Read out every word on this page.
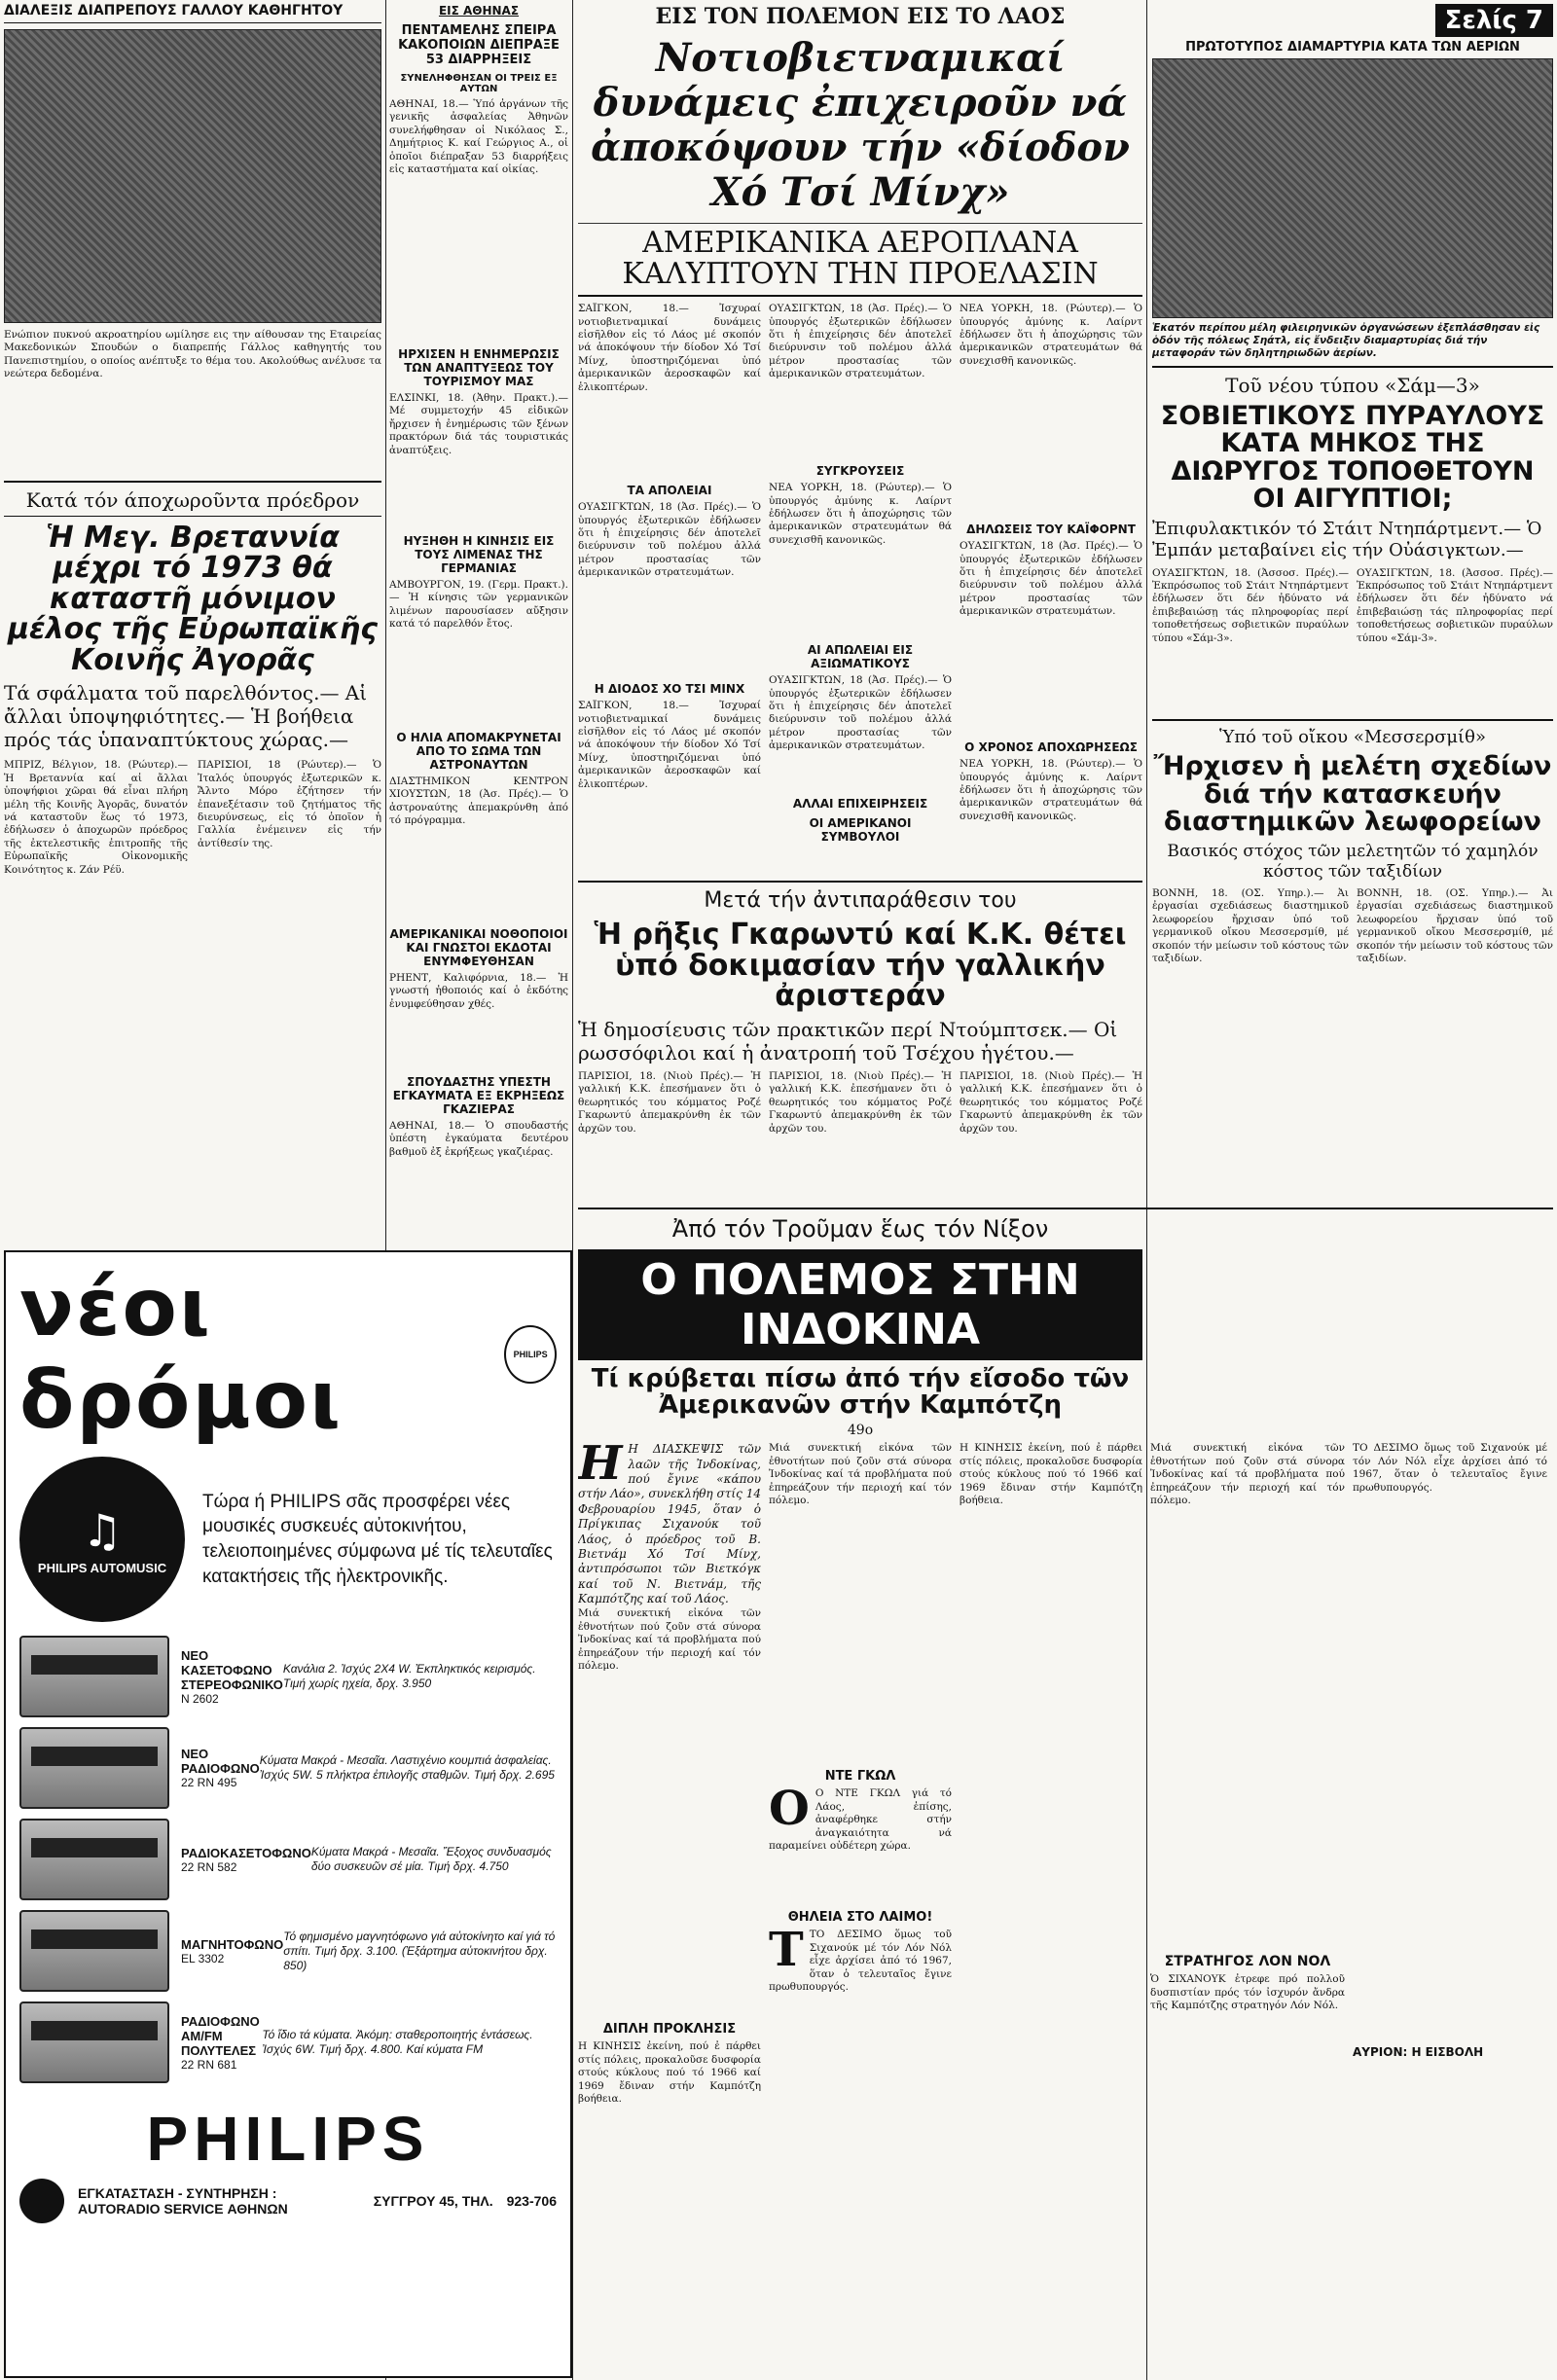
ΔΙΑΛΕΞΙΣ ΔΙΑΠΡΕΠΟΥΣ ΓΑΛΛΟΥ ΚΑΘΗΓΗΤΟΥ
Ενώπιον πυκνού ακροατηρίου ωμίλησε εις την αίθουσαν της Εταιρείας Μακεδονικών Σπουδών ο διαπρεπής Γάλλος καθηγητής του Πανεπιστημίου, ο οποίος ανέπτυξε το θέμα του. Ακολούθως ανέλυσε τα νεώτερα δεδομένα.
Κατά τόν άποχωροῦντα πρόεδρον
Ἡ Μεγ. Βρεταννία μέχρι τό 1973 θά καταστῆ μόνιμον μέλος τῆς Εὐρωπαϊκῆς Κοινῆς Ἀγορᾶς
Τά σφάλματα τοῦ παρελθόντος.— Αἱ ἄλλαι ὑποψηφιότητες.— Ἡ βοήθεια πρός τάς ὑπαναπτύκτους χώρας.—
ΜΠΡΙΖ, Βέλγιον, 18. (Ρώυτερ).— Ἡ Βρεταννία καί αἱ ἄλλαι ὑποψήφιοι χῶραι θά εἶναι πλήρη μέλη τῆς Κοινῆς Ἀγορᾶς, δυνατόν νά καταστοῦν ἕως τό 1973, ἐδήλωσεν ὁ ἀποχωρῶν πρόεδρος τῆς ἐκτελεστικῆς ἐπιτροπῆς τῆς Εὐρωπαϊκῆς Οἰκονομικῆς Κοινότητος κ. Ζάν Ρέϋ.
ΠΑΡΙΣΙΟΙ, 18 (Ρώυτερ).— Ὁ Ἰταλός ὑπουργός ἐξωτερικῶν κ. Ἄλντο Μόρο ἐζήτησεν τήν ἐπανεξέτασιν τοῦ ζητήματος τῆς διευρύνσεως, εἰς τό ὁποῖον ἡ Γαλλία ἐνέμεινεν εἰς τήν ἀντίθεσίν της.
νέοι δρόμοι	PHILIPS
♫
PHILIPS AUTOMUSIC
Τώρα ή PHILIPS σᾶς προσφέρει νέες μουσικές συσκευές αὐτοκινήτου, τελειοποιημένες σύμφωνα μέ τίς τελευταῖες κατακτήσεις τῆς ἠλεκτρονικῆς.
ΝΕΟ ΚΑΣΕΤΟΦΩΝΟ ΣΤΕΡΕΟΦΩΝΙΚΟ
N 2602
Κανάλια 2. Ἰσχύς 2Χ4 W. Ἐκπληκτικός κειρισμός. Τιμή χωρίς ηχεία, δρχ. 3.950
ΝΕΟ ΡΑΔΙΟΦΩΝΟ
22 RN 495
Κύματα Μακρά - Μεσαῖα. Λαστιχένιο κουμπιά ἀσφαλείας. Ἰσχύς 5W. 5 πλήκτρα ἐπιλογῆς σταθμῶν. Τιμή δρχ. 2.695
ΡΑΔΙΟΚΑΣΕΤΟΦΩΝΟ
22 RN 582
Κύματα Μακρά - Μεσαῖα. Ἔξοχος συνδυασμός δύο συσκευῶν σέ μία. Τιμή δρχ. 4.750
ΜΑΓΝΗΤΟΦΩΝΟ
EL 3302
Τό φημισμένο μαγνητόφωνο γιά αὐτοκίνητο καί γιά τό σπίτι. Τιμή δρχ. 3.100. (Ἐξάρτημα αὐτοκινήτου δρχ. 850)
ΡΑΔΙΟΦΩΝΟ AM/FM ΠΟΛΥΤΕΛΕΣ
22 RN 681
Τό ἴδιο τά κύματα. Ἀκόμη: σταθεροποιητής ἐντάσεως. Ἰσχύς 6W. Τιμή δρχ. 4.800. Καί κύματα FM
PHILIPS
ΕΓΚΑΤΑΣΤΑΣΗ - ΣΥΝΤΗΡΗΣΗ :
AUTORADIO SERVICE ΑΘΗΝΩΝ	ΣΥΓΓΡΟΥ 45, ΤΗΛ. 923-706
ΕΙΣ ΑΘΗΝΑΣ
ΠΕΝΤΑΜΕΛΗΣ ΣΠΕΙΡΑ ΚΑΚΟΠΟΙΩΝ ΔΙΕΠΡΑΞΕ 53 ΔΙΑΡΡΗΞΕΙΣ
ΣΥΝΕΛΗΦΘΗΣΑΝ ΟΙ ΤΡΕΙΣ ΕΞ ΑΥΤΩΝ
ΑΘΗΝΑΙ, 18.— Ὑπό ἀργάνων τῆς γενικῆς ἀσφαλείας Ἀθηνῶν συνελήφθησαν οἱ Νικόλαος Σ., Δημήτριος Κ. καί Γεώργιος Α., οἱ ὁποῖοι διέπραξαν 53 διαρρήξεις εἰς καταστήματα καί οἰκίας.
ΗΡΧΙΣΕΝ Η ΕΝΗΜΕΡΩΣΙΣ ΤΩΝ ΑΝΑΠΤΥΞΕΩΣ ΤΟΥ ΤΟΥΡΙΣΜΟΥ ΜΑΣ
ΕΛΣΙΝΚΙ, 18. (Ἀθην. Πρακτ.).— Μέ συμμετοχήν 45 εἰδικῶν ἤρχισεν ἡ ἐνημέρωσις τῶν ξένων πρακτόρων διά τάς τουριστικάς ἀναπτύξεις.
ΗΥΞΗΘΗ Η ΚΙΝΗΣΙΣ ΕΙΣ ΤΟΥΣ ΛΙΜΕΝΑΣ ΤΗΣ ΓΕΡΜΑΝΙΑΣ
ΑΜΒΟΥΡΓΟΝ, 19. (Γερμ. Πρακτ.).— Ἡ κίνησις τῶν γερμανικῶν λιμένων παρουσίασεν αὔξησιν κατά τό παρελθόν ἔτος.
Ο ΗΛΙΑ ΑΠΟΜΑΚΡΥΝΕΤΑΙ ΑΠΟ ΤΟ ΣΩΜΑ ΤΩΝ ΑΣΤΡΟΝΑΥΤΩΝ
ΔΙΑΣΤΗΜΙΚΟΝ ΚΕΝΤΡΟΝ ΧΙΟΥΣΤΩΝ, 18 (Ἀσ. Πρές).— Ὁ ἀστροναύτης ἀπεμακρύνθη ἀπό τό πρόγραμμα.
ΑΜΕΡΙΚΑΝΙΚΑΙ ΝΟΘΟΠΟΙΟΙ ΚΑΙ ΓΝΩΣΤΟΙ ΕΚΔΟΤΑΙ ΕΝΥΜΦΕΥΘΗΣΑΝ
ΡΗΕΝΤ, Καλιφόρνια, 18.— Ἡ γνωστή ἠθοποιός καί ὁ ἐκδότης ἐνυμφεύθησαν χθές.
ΣΠΟΥΔΑΣΤΗΣ ΥΠΕΣΤΗ ΕΓΚΑΥΜΑΤΑ ΕΞ ΕΚΡΗΞΕΩΣ ΓΚΑΖΙΕΡΑΣ
ΑΘΗΝΑΙ, 18.— Ὁ σπουδαστής ὑπέστη ἐγκαύματα δευτέρου βαθμοῦ ἐξ ἐκρήξεως γκαζιέρας.
ΕΙΣ ΤΟΝ ΠΟΛΕΜΟΝ ΕΙΣ ΤΟ ΛΑΟΣ
Νοτιοβιετναμικαί δυνάμεις ἐπιχειροῦν νά ἀποκόψουν τήν «δίοδον Χό Τσί Μίνχ»
ΑΜΕΡΙΚΑΝΙΚΑ ΑΕΡΟΠΛΑΝΑ ΚΑΛΥΠΤΟΥΝ ΤΗΝ ΠΡΟΕΛΑΣΙΝ
ΣΑΪΓΚΟΝ, 18.— Ἰσχυραί νοτιοβιετναμικαί δυνάμεις εἰσῆλθον εἰς τό Λάος μέ σκοπόν νά ἀποκόψουν τήν δίοδον Χό Τσί Μίνχ, ὑποστηριζόμεναι ὑπό ἀμερικανικῶν ἀεροσκαφῶν καί ἑλικοπτέρων.
ΤΑ ΑΠΟΛΕΙΑΙ
ΟΥΑΣΙΓΚΤΩΝ, 18 (Ἀσ. Πρές).— Ὁ ὑπουργός ἐξωτερικῶν ἐδήλωσεν ὅτι ἡ ἐπιχείρησις δέν ἀποτελεῖ διεύρυνσιν τοῦ πολέμου ἀλλά μέτρον προστασίας τῶν ἀμερικανικῶν στρατευμάτων.
Η ΔΙΟΔΟΣ ΧΟ ΤΣΙ ΜΙΝΧ
ΣΑΪΓΚΟΝ, 18.— Ἰσχυραί νοτιοβιετναμικαί δυνάμεις εἰσῆλθον εἰς τό Λάος μέ σκοπόν νά ἀποκόψουν τήν δίοδον Χό Τσί Μίνχ, ὑποστηριζόμεναι ὑπό ἀμερικανικῶν ἀεροσκαφῶν καί ἑλικοπτέρων.
ΟΥΑΣΙΓΚΤΩΝ, 18 (Ἀσ. Πρές).— Ὁ ὑπουργός ἐξωτερικῶν ἐδήλωσεν ὅτι ἡ ἐπιχείρησις δέν ἀποτελεῖ διεύρυνσιν τοῦ πολέμου ἀλλά μέτρον προστασίας τῶν ἀμερικανικῶν στρατευμάτων.
ΣΥΓΚΡΟΥΣΕΙΣ
ΝΕΑ ΥΟΡΚΗ, 18. (Ρώυτερ).— Ὁ ὑπουργός ἀμύνης κ. Λαίρντ ἐδήλωσεν ὅτι ἡ ἀποχώρησις τῶν ἀμερικανικῶν στρατευμάτων θά συνεχισθῆ κανονικῶς.
ΑΙ ΑΠΩΛΕΙΑΙ ΕΙΣ ΑΞΙΩΜΑΤΙΚΟΥΣ
ΟΥΑΣΙΓΚΤΩΝ, 18 (Ἀσ. Πρές).— Ὁ ὑπουργός ἐξωτερικῶν ἐδήλωσεν ὅτι ἡ ἐπιχείρησις δέν ἀποτελεῖ διεύρυνσιν τοῦ πολέμου ἀλλά μέτρον προστασίας τῶν ἀμερικανικῶν στρατευμάτων.
ΑΛΛΑΙ ΕΠΙΧΕΙΡΗΣΕΙΣ
ΟΙ ΑΜΕΡΙΚΑΝΟΙ ΣΥΜΒΟΥΛΟΙ
ΝΕΑ ΥΟΡΚΗ, 18. (Ρώυτερ).— Ὁ ὑπουργός ἀμύνης κ. Λαίρντ ἐδήλωσεν ὅτι ἡ ἀποχώρησις τῶν ἀμερικανικῶν στρατευμάτων θά συνεχισθῆ κανονικῶς.
ΔΗΛΩΣΕΙΣ ΤΟΥ ΚΑΪΦΟΡΝΤ
ΟΥΑΣΙΓΚΤΩΝ, 18 (Ἀσ. Πρές).— Ὁ ὑπουργός ἐξωτερικῶν ἐδήλωσεν ὅτι ἡ ἐπιχείρησις δέν ἀποτελεῖ διεύρυνσιν τοῦ πολέμου ἀλλά μέτρον προστασίας τῶν ἀμερικανικῶν στρατευμάτων.
Ο ΧΡΟΝΟΣ ΑΠΟΧΩΡΗΣΕΩΣ
ΝΕΑ ΥΟΡΚΗ, 18. (Ρώυτερ).— Ὁ ὑπουργός ἀμύνης κ. Λαίρντ ἐδήλωσεν ὅτι ἡ ἀποχώρησις τῶν ἀμερικανικῶν στρατευμάτων θά συνεχισθῆ κανονικῶς.
Μετά τήν ἀντιπαράθεσιν του
Ἡ ρῆξις Γκαρωντύ καί Κ.Κ. θέτει ὑπό δοκιμασίαν τήν γαλλικήν ἀριστεράν
Ἡ δημοσίευσις τῶν πρακτικῶν περί Ντούμπτσεκ.— Οἱ ρωσσόφιλοι καί ἡ ἀνατροπή τοῦ Τσέχου ἡγέτου.—
ΠΑΡΙΣΙΟΙ, 18. (Νιοὺ Πρές).— Ἡ γαλλική Κ.Κ. ἐπεσήμανεν ὅτι ὁ θεωρητικός του κόμματος Ροζέ Γκαρωντύ ἀπεμακρύνθη ἐκ τῶν ἀρχῶν του.
ΠΑΡΙΣΙΟΙ, 18. (Νιοὺ Πρές).— Ἡ γαλλική Κ.Κ. ἐπεσήμανεν ὅτι ὁ θεωρητικός του κόμματος Ροζέ Γκαρωντύ ἀπεμακρύνθη ἐκ τῶν ἀρχῶν του.
ΠΑΡΙΣΙΟΙ, 18. (Νιοὺ Πρές).— Ἡ γαλλική Κ.Κ. ἐπεσήμανεν ὅτι ὁ θεωρητικός του κόμματος Ροζέ Γκαρωντύ ἀπεμακρύνθη ἐκ τῶν ἀρχῶν του.
Σελίς 7
ΠΡΩΤΟΤΥΠΟΣ ΔΙΑΜΑΡΤΥΡΙΑ ΚΑΤΑ ΤΩΝ ΑΕΡΙΩΝ
Ἑκατόν περίπου μέλη φιλειρηνικῶν ὀργανώσεων ἐξεπλάσθησαν εἰς ὁδόν τῆς πόλεως Σηάτλ, εἰς ἔνδειξιν διαμαρτυρίας διά τήν μεταφοράν τῶν δηλητηριωδῶν ἀερίων.
Τοῦ νέου τύπου «Σάμ—3»
ΣΟΒΙΕΤΙΚΟΥΣ ΠΥΡΑΥΛΟΥΣ ΚΑΤΑ ΜΗΚΟΣ ΤΗΣ ΔΙΩΡΥΓΟΣ ΤΟΠΟΘΕΤΟΥΝ ΟΙ ΑΙΓΥΠΤΙΟΙ;
Ἐπιφυλακτικόν τό Στάιτ Ντηπάρτμεντ.— Ὁ Ἐμπάν μεταβαίνει εἰς τήν Οὐάσιγκτων.—
ΟΥΑΣΙΓΚΤΩΝ, 18. (Ἀσσοσ. Πρές).— Ἐκπρόσωπος τοῦ Στάιτ Ντηπάρτμεντ ἐδήλωσεν ὅτι δέν ἠδύνατο νά ἐπιβεβαιώσῃ τάς πληροφορίας περί τοποθετήσεως σοβιετικῶν πυραύλων τύπου «Σάμ-3».
ΟΥΑΣΙΓΚΤΩΝ, 18. (Ἀσσοσ. Πρές).— Ἐκπρόσωπος τοῦ Στάιτ Ντηπάρτμεντ ἐδήλωσεν ὅτι δέν ἠδύνατο νά ἐπιβεβαιώσῃ τάς πληροφορίας περί τοποθετήσεως σοβιετικῶν πυραύλων τύπου «Σάμ-3».
Ὑπό τοῦ οἴκου «Μεσσερσμίθ»
Ἤρχισεν ἡ μελέτη σχεδίων διά τήν κατασκευήν διαστημικῶν λεωφορείων
Βασικός στόχος τῶν μελετητῶν τό χαμηλόν κόστος τῶν ταξιδίων
ΒΟΝΝΗ, 18. (ΟΣ. Υπηρ.).— Ἀι ἐργασίαι σχεδιάσεως διαστημικοῦ λεωφορείου ἤρχισαν ὑπό τοῦ γερμανικοῦ οἴκου Μεσσερσμίθ, μέ σκοπόν τήν μείωσιν τοῦ κόστους τῶν ταξιδίων.
ΒΟΝΝΗ, 18. (ΟΣ. Υπηρ.).— Ἀι ἐργασίαι σχεδιάσεως διαστημικοῦ λεωφορείου ἤρχισαν ὑπό τοῦ γερμανικοῦ οἴκου Μεσσερσμίθ, μέ σκοπόν τήν μείωσιν τοῦ κόστους τῶν ταξιδίων.
Ἀπό τόν Τροῦμαν ἕως τόν Νίξον
Ο ΠΟΛΕΜΟΣ ΣΤΗΝ ΙΝΔΟΚΙΝΑ
Τί κρύβεται πίσω ἀπό τήν εἴσοδο τῶν Ἀμερικανῶν στήν Καμπότζη
49ο
Η Η ΔΙΑΣΚΕΨΙΣ τῶν λαῶν τῆς Ἰνδοκίνας, πού ἔγινε «κάπου στήν Λάο», συνεκλήθη στίς 14 Φεβρουαρίου 1945, ὅταν ὁ Πρίγκιπας Σιχανούκ τοῦ Λάος, ὁ πρόεδρος τοῦ Β. Βιετνάμ Χό Τσί Μίνχ, ἀντιπρόσωποι τῶν Βιετκόγκ καί τοῦ Ν. Βιετνάμ, τῆς Καμπότζης καί τοῦ Λάος.
Μιά συνεκτική εἰκόνα τῶν ἐθνοτήτων πού ζοῦν στά σύνορα Ἰνδοκίνας καί τά προβλήματα πού ἐπηρεάζουν τήν περιοχή καί τόν πόλεμο.
ΔΙΠΛΗ ΠΡΟΚΛΗΣΙΣ
Η ΚΙΝΗΣΙΣ ἐκείνη, πού ἐ πάρθει στίς πόλεις, προκαλοῦσε δυσφορία στούς κύκλους πού τό 1966 καί 1969 ἔδιναν στήν Καμπότζη βοήθεια.
Μιά συνεκτική εἰκόνα τῶν ἐθνοτήτων πού ζοῦν στά σύνορα Ἰνδοκίνας καί τά προβλήματα πού ἐπηρεάζουν τήν περιοχή καί τόν πόλεμο.
ΝΤΕ ΓΚΩΛ
Ο Ο ΝΤΕ ΓΚΩΛ γιά τό Λάος, ἐπίσης, ἀναφέρθηκε στήν ἀναγκαιότητα νά παραμείνει οὐδέτερη χώρα.
ΘΗΛΕΙΑ ΣΤΟ ΛΑΙΜΟ!
ΤΤΟ ΔΕΣΙΜΟ ὅμως τοῦ Σιχανούκ μέ τόν Λόν Νόλ εἶχε ἀρχίσει ἀπό τό 1967, ὅταν ὁ τελευταῖος ἔγινε πρωθυπουργός.
Η ΚΙΝΗΣΙΣ ἐκείνη, πού ἐ πάρθει στίς πόλεις, προκαλοῦσε δυσφορία στούς κύκλους πού τό 1966 καί 1969 ἔδιναν στήν Καμπότζη βοήθεια.
Μιά συνεκτική εἰκόνα τῶν ἐθνοτήτων πού ζοῦν στά σύνορα Ἰνδοκίνας καί τά προβλήματα πού ἐπηρεάζουν τήν περιοχή καί τόν πόλεμο.
ΣΤΡΑΤΗΓΟΣ ΛΟΝ ΝΟΛ
Ὁ ΣΙΧΑΝΟΥΚ ἐτρεφε πρό πολλοῦ δυσπιστίαν πρός τόν ἰσχυρόν ἄνδρα τῆς Καμπότζης στρατηγόν Λόν Νόλ.
ΤΟ ΔΕΣΙΜΟ ὅμως τοῦ Σιχανούκ μέ τόν Λόν Νόλ εἶχε ἀρχίσει ἀπό τό 1967, ὅταν ὁ τελευταῖος ἔγινε πρωθυπουργός.
ΑΥΡΙΟΝ: Η ΕΙΣΒΟΛΗ
